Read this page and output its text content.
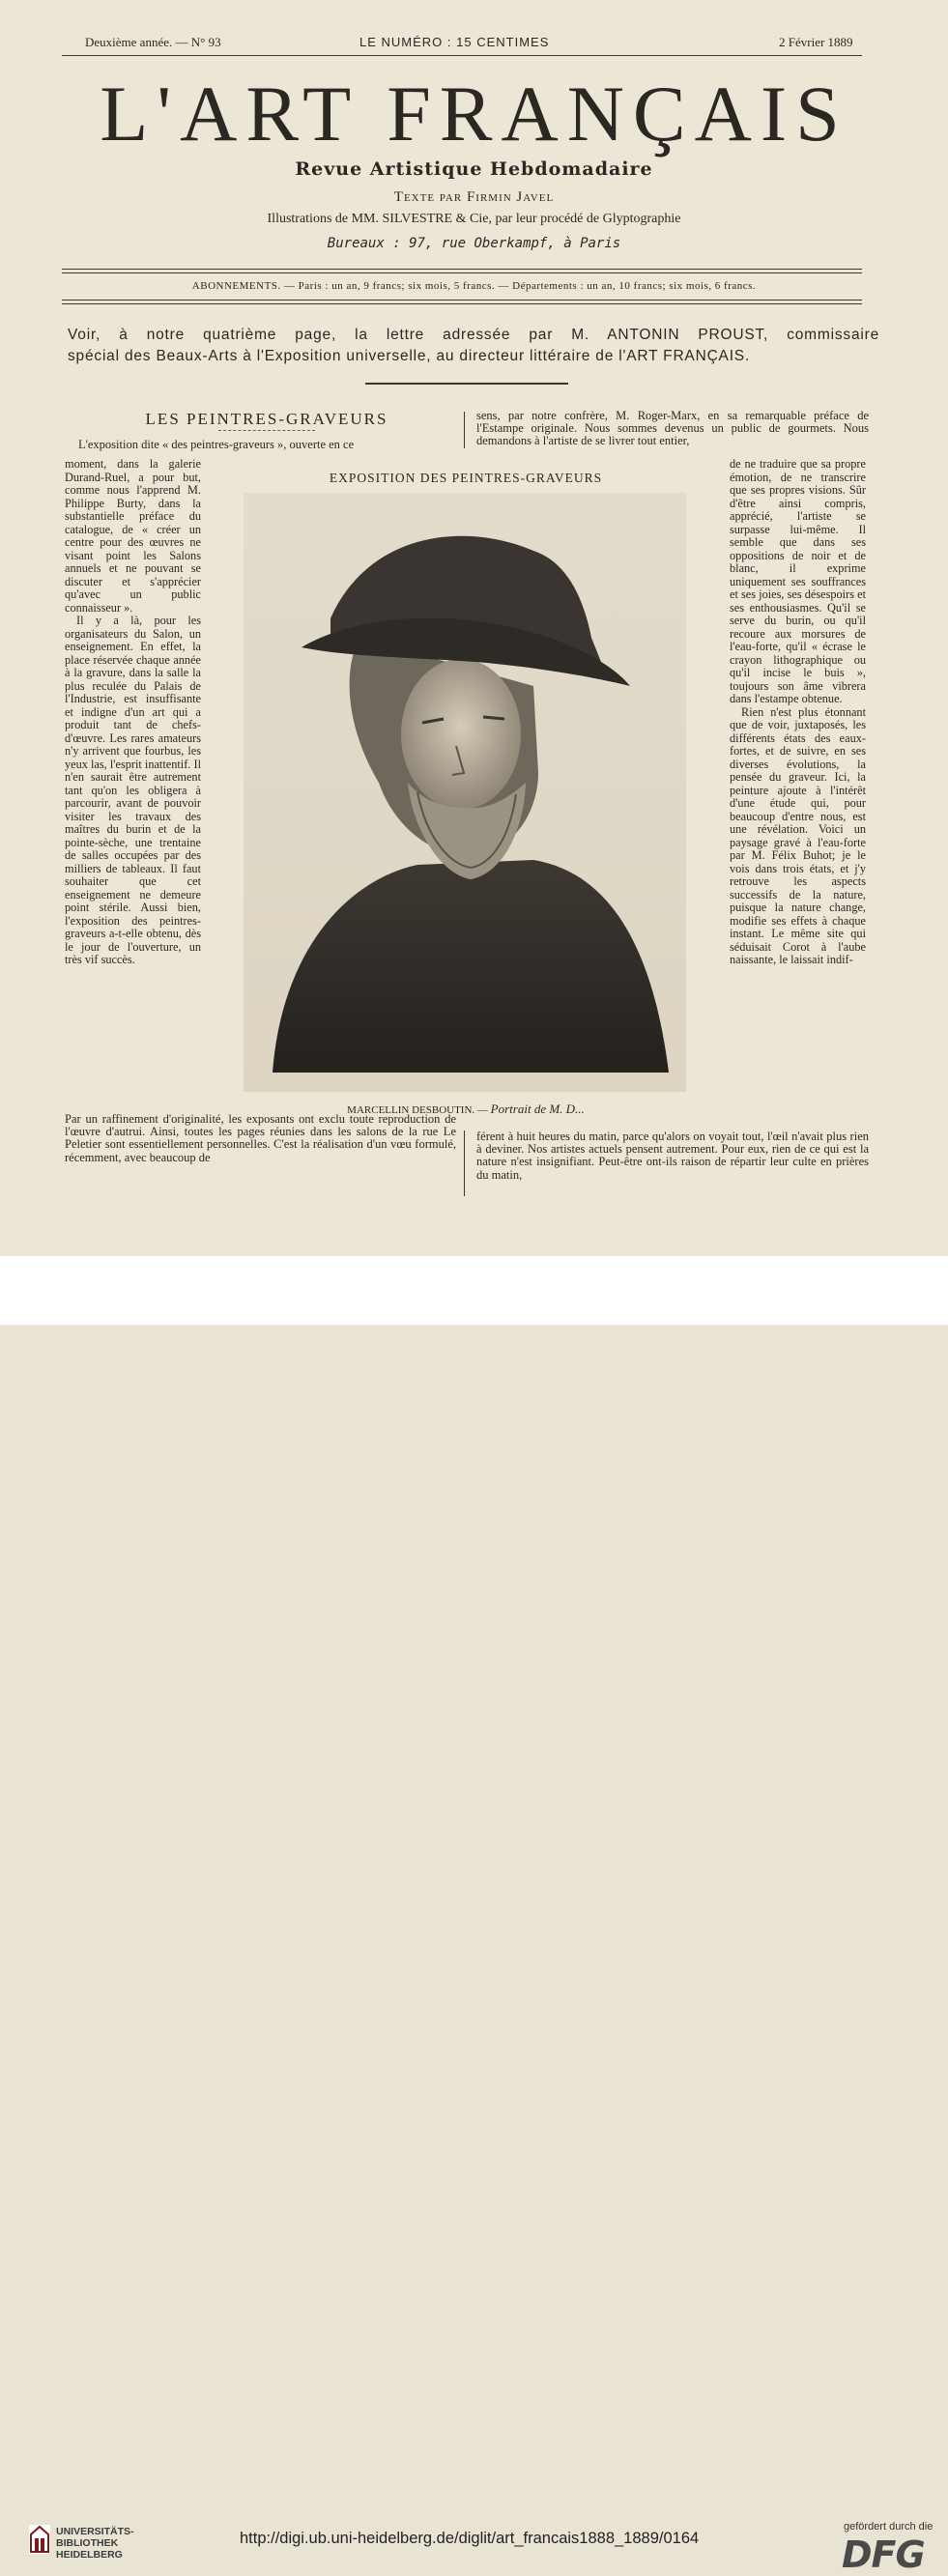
Deuxième année. — N° 93	LE NUMÉRO : 15 CENTIMES	2 Février 1889
L'ART FRANÇAIS
Revue Artistique Hebdomadaire
Texte par Firmin Javel
Illustrations de MM. SILVESTRE & Cie, par leur procédé de Glyptographie
Bureaux : 97, rue Oberkampf, à Paris
ABONNEMENTS. — Paris : un an, 9 francs; six mois, 5 francs. — Départements : un an, 10 francs; six mois, 6 francs.
Voir, à notre quatrième page, la lettre adressée par M. ANTONIN PROUST, commissaire
spécial des Beaux-Arts à l'Exposition universelle, au directeur littéraire de l'ART FRANÇAIS.
LES PEINTRES-GRAVEURS

L'exposition dite « des peintres-graveurs », ouverte en ce

moment, dans la galerie Durand-Ruel, a pour but, comme nous l'apprend M. Philippe Burty, dans la substantielle préface du catalogue, de « créer un centre pour des œuvres ne visant point les Salons annuels et ne pouvant se discuter et s'apprécier qu'avec un public connaisseur ».

Il y a là, pour les organisateurs du Salon, un enseignement. En effet, la place réservée chaque année à la gravure, dans la salle la plus reculée du Palais de l'Industrie, est insuffisante et indigne d'un art qui a produit tant de chefs-d'œuvre. Les rares amateurs n'y arrivent que fourbus, les yeux las, l'esprit inattentif. Il n'en saurait être autrement tant qu'on les obligera à parcourir, avant de pouvoir visiter les travaux des maîtres du burin et de la pointe-sèche, une trentaine de salles occupées par des milliers de tableaux. Il faut souhaiter que cet enseignement ne demeure point stérile. Aussi bien, l'exposition des peintres-graveurs a-t-elle obtenu, dès le jour de l'ouverture, un très vif succès.

Par un raffinement d'originalité, les exposants ont exclu toute reproduction de l'œuvre d'autrui. Ainsi, toutes les pages réunies dans les salons de la rue Le Peletier sont essentiellement personnelles. C'est la réalisation d'un vœu formulé, récemment, avec beaucoup de
sens, par notre confrère, M. Roger-Marx, en sa remarquable préface de l'Estampe originale. Nous sommes devenus un public de gourmets. Nous demandons à l'artiste de se livrer tout entier,

de ne traduire que sa propre émotion, de ne transcrire que ses propres visions. Sûr d'être ainsi compris, apprécié, l'artiste se surpasse lui-même. Il semble que dans ses oppositions de noir et de blanc, il exprime uniquement ses souffrances et ses joies, ses désespoirs et ses enthousiasmes. Qu'il se serve du burin, ou qu'il recoure aux morsures de l'eau-forte, qu'il « écrase le crayon lithographique ou qu'il incise le buis », toujours son âme vibrera dans l'estampe obtenue.

Rien n'est plus étonnant que de voir, juxtaposés, les différents états des eaux-fortes, et de suivre, en ses diverses évolutions, la pensée du graveur. Ici, la peinture ajoute à l'intérêt d'une étude qui, pour beaucoup d'entre nous, est une révélation. Voici un paysage gravé à l'eau-forte par M. Félix Buhot; je le vois dans trois états, et j'y retrouve les aspects successifs de la nature, puisque la nature change, modifie ses effets à chaque instant. Le même site qui séduisait Corot à l'aube naissante, le laissait indif-

férent à huit heures du matin, parce qu'alors on voyait tout, l'œil n'avait plus rien à deviner. Nos artistes actuels pensent autrement. Pour eux, rien de ce qui est la nature n'est insignifiant. Peut-être ont-ils raison de répartir leur culte en prières du matin,
EXPOSITION DES PEINTRES-GRAVEURS
MARCELLIN DESBOUTIN. — Portrait de M. D...
UNIVERSITÄTS-
BIBLIOTHEK
HEIDELBERG
http://digi.ub.uni-heidelberg.de/diglit/art_francais1888_1889/0164
gefördert durch die
DFG
